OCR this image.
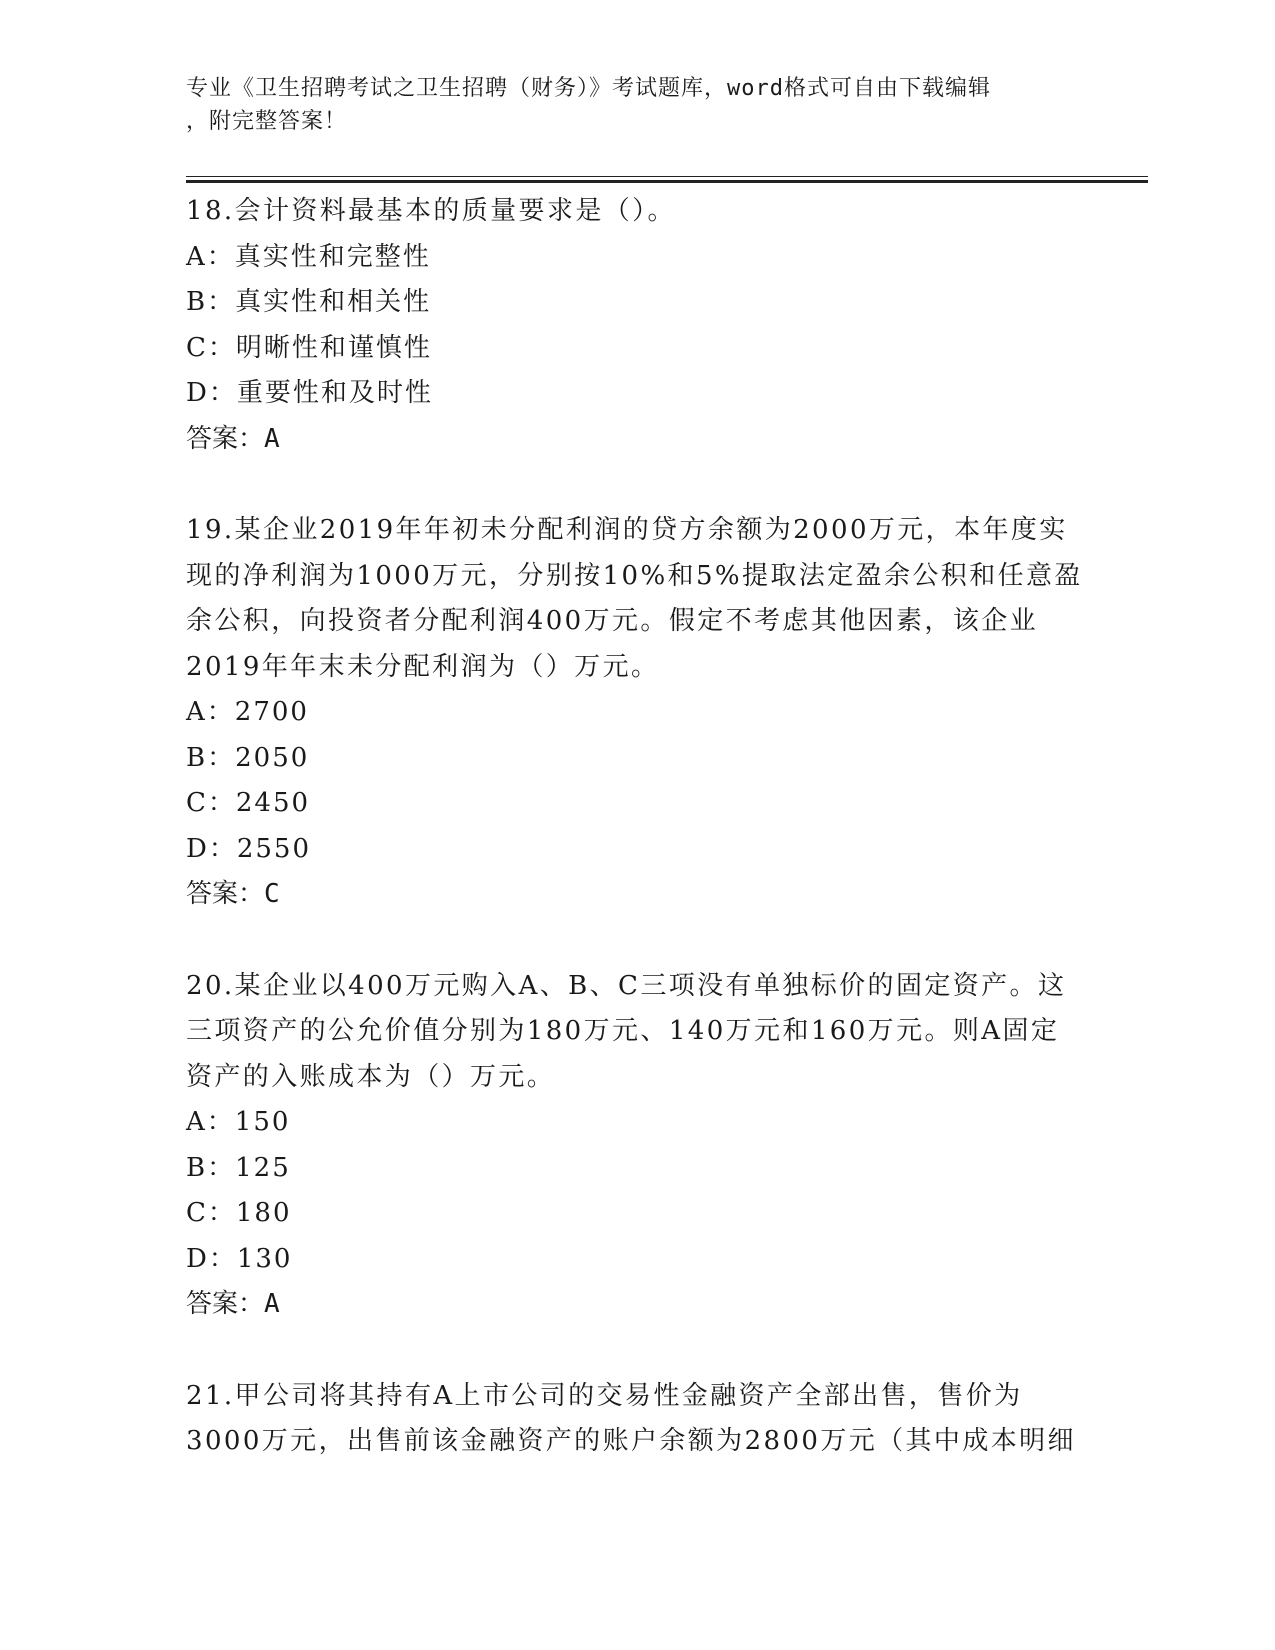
专业《卫生招聘考试之卫生招聘（财务）》考试题库，word格式可自由下载编辑
，附完整答案！

18.会计资料最基本的质量要求是（）。

A：真实性和完整性

B：真实性和相关性

C：明晰性和谨慎性

D：重要性和及时性

答案：A

19.某企业2019年年初未分配利润的贷方余额为2000万元，本年度实现的净利润为1000万元，分别按10%和5%提取法定盈余公积和任意盈余公积，向投资者分配利润400万元。假定不考虑其他因素，该企业2019年年末未分配利润为（）万元。

A：2700

B：2050

C：2450

D：2550

答案：C

20.某企业以400万元购入A、B、C三项没有单独标价的固定资产。这三项资产的公允价值分别为180万元、140万元和160万元。则A固定资产的入账成本为（）万元。

A：150

B：125

C：180

D：130

答案：A

21.甲公司将其持有A上市公司的交易性金融资产全部出售，售价为3000万元，出售前该金融资产的账户余额为2800万元（其中成本明细
